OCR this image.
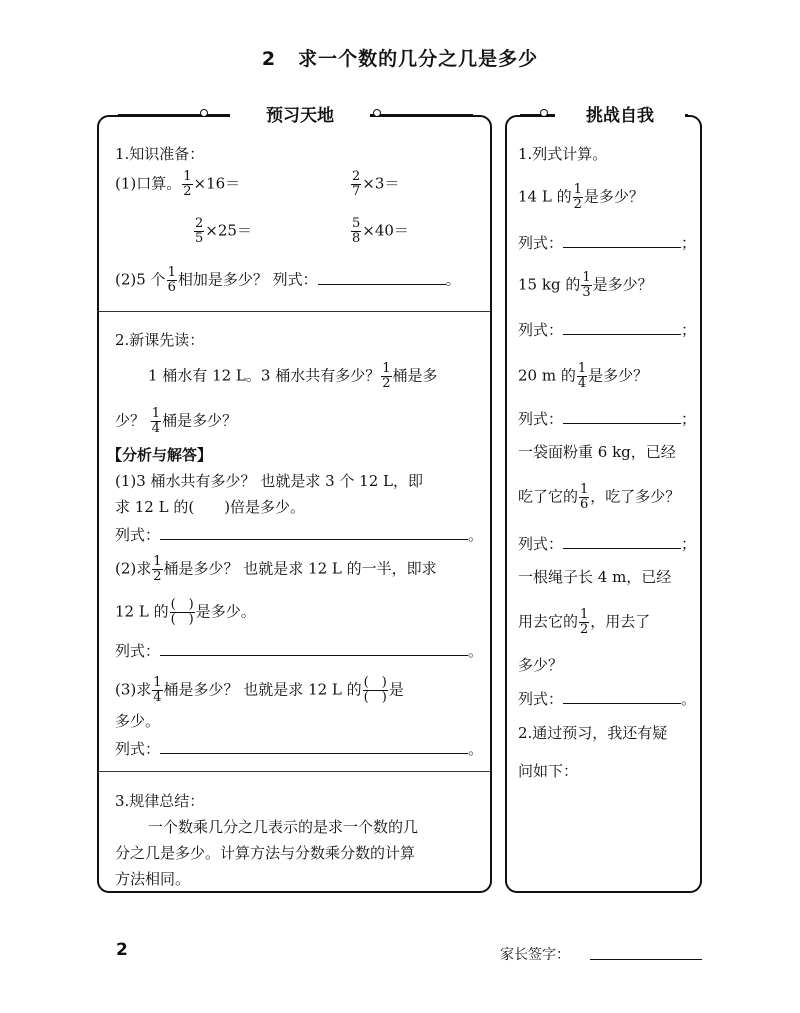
2 求一个数的几分之几是多少
预习天地	挑战自我
1.知识准备：
(1)口算。 $\frac{1}{2} \times 16=$	$\frac{2}{7} \times 3=$
$\frac{2}{5} \times 25=$	$\frac{5}{8} \times 40=$
(2)5 个 $\frac{1}{6}$ 相加是多少？ 列式：	。
2.新课先读：
1 桶水有 12 L。3 桶水共有多少？ $\frac{1}{2}$ 桶是多
少？ $\frac{1}{4}$ 桶是多少？
【分析与解答】
(1)3 桶水共有多少？ 也就是求 3 个 12 L，即
求 12 L 的(　　)倍是多少。
列式：	。
(2)求 $\frac{1}{2}$ 桶是多少？ 也就是求 12 L 的一半，即求
12 L 的 $\frac{( )}{( )}$ 是多少。
列式：	。
(3)求 $\frac{1}{4}$ 桶是多少？ 也就是求 12 L 的 $\frac{( )}{( )}$ 是
多少。
列式：	。
3.规律总结：
一个数乘几分之几表示的是求一个数的几
分之几是多少。计算方法与分数乘分数的计算
方法相同。
1.列式计算。
14 L 的 $\frac{1}{2}$ 是多少？
列式：	；
15 kg 的 $\frac{1}{3}$ 是多少？
列式：	；
20 m 的 $\frac{1}{4}$ 是多少？
列式：	；
一袋面粉重 6 kg，已经
吃了它的 $\frac{1}{6}$ ，吃了多少？
列式：	；
一根绳子长 4 m，已经
用去它的 $\frac{1}{2}$ ，用去了
多少？
列式：	。
2.通过预习，我还有疑
问如下：
2	家长签字：
